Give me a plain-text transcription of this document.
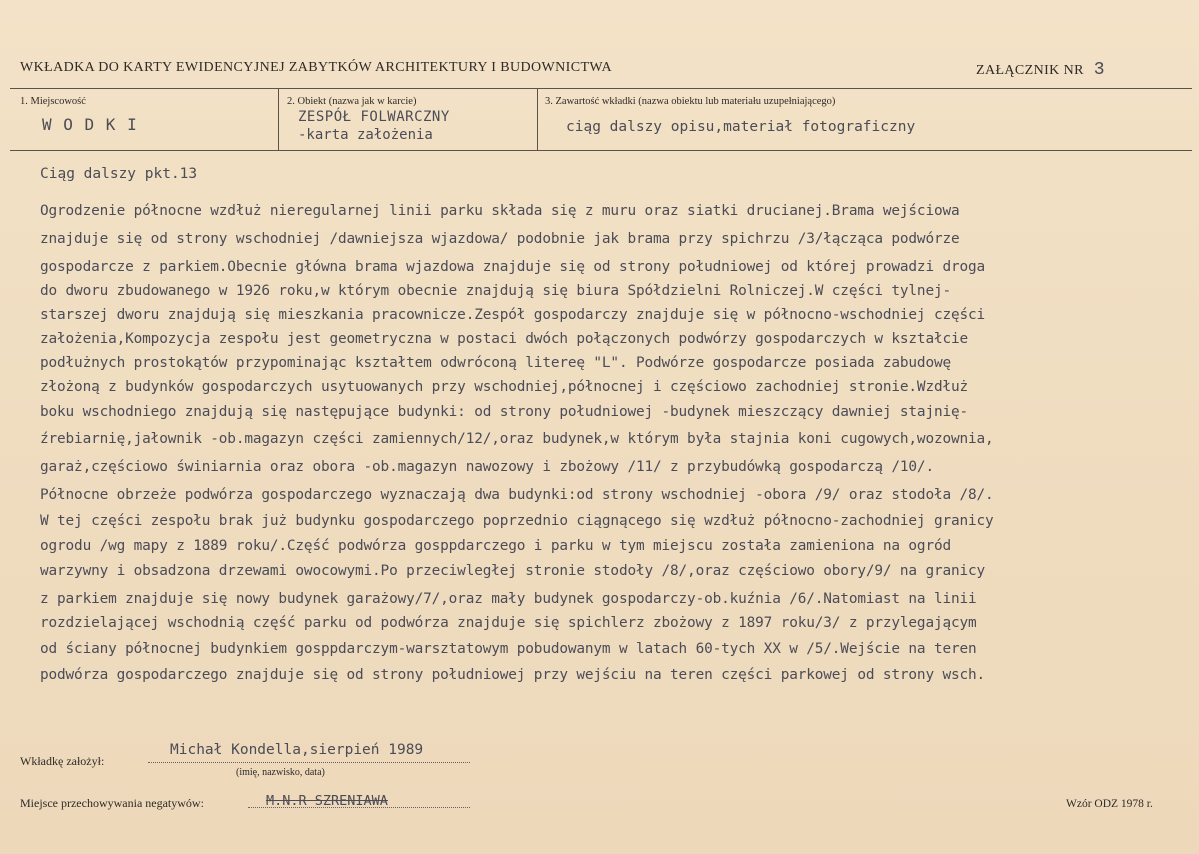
WKŁADKA DO KARTY EWIDENCYJNEJ ZABYTKÓW ARCHITEKTURY I BUDOWNICTWA	ZAŁĄCZNIK NR 3
1. Miejscowość
W O D K I
2. Obiekt (nazwa jak w karcie)
ZESPÓŁ FOLWARCZNY
-karta założenia
3. Zawartość wkładki (nazwa obiektu lub materiału uzupełniającego)
ciąg dalszy opisu,materiał fotograficzny
Ciąg dalszy pkt.13
Ogrodzenie północne wzdłuż nieregularnej linii parku składa się z muru oraz siatki drucianej.Brama wejściowa
znajduje się od strony wschodniej /dawniejsza wjazdowa/ podobnie jak brama przy spichrzu /3/łącząca podwórze
gospodarcze z parkiem.Obecnie główna brama wjazdowa znajduje się od strony południowej od której prowadzi droga
do dworu zbudowanego w 1926 roku,w którym obecnie znajdują się biura Spółdzielni Rolniczej.W części tylnej-
starszej dworu znajdują się mieszkania pracownicze.Zespół gospodarczy znajduje się w północno-wschodniej części
założenia,Kompozycja zespołu jest geometryczna w postaci dwóch połączonych podwórzy gospodarczych w kształcie
podłużnych prostokątów przypominając kształtem odwróconą litereę "L". Podwórze gospodarcze posiada zabudowę
złożoną z budynków gospodarczych usytuowanych przy wschodniej,północnej i częściowo zachodniej stronie.Wzdłuż
boku wschodniego znajdują się następujące budynki: od strony południowej -budynek mieszczący dawniej stajnię-
źrebiarnię,jałownik -ob.magazyn części zamiennych/12/,oraz budynek,w którym była stajnia koni cugowych,wozownia,
garaż,częściowo świniarnia oraz obora -ob.magazyn nawozowy i zbożowy /11/ z przybudówką gospodarczą /10/.
Północne obrzeże podwórza gospodarczego wyznaczają dwa budynki:od strony wschodniej -obora /9/ oraz stodoła /8/.
W tej części zespołu brak już budynku gospodarczego poprzednio ciągnącego się wzdłuż północno-zachodniej granicy
ogrodu /wg mapy z 1889 roku/.Część podwórza gosppdarczego i parku w tym miejscu została zamieniona na ogród
warzywny i obsadzona drzewami owocowymi.Po przeciwległej stronie stodoły /8/,oraz częściowo obory/9/ na granicy
z parkiem znajduje się nowy budynek garażowy/7/,oraz mały budynek gospodarczy-ob.kuźnia /6/.Natomiast na linii
rozdzielającej wschodnią część parku od podwórza znajduje się spichlerz zbożowy z 1897 roku/3/ z przylegającym
od ściany północnej budynkiem gosppdarczym-warsztatowym pobudowanym w latach 60-tych XX w /5/.Wejście na teren
podwórza gospodarczego znajduje się od strony południowej przy wejściu na teren części parkowej od strony wsch.
Wkładkę założył:
Michał Kondella,sierpień 1989
(imię, nazwisko, data)
Miejsce przechowywania negatywów:	M.N.R SZRENIAWA	Wzór ODZ 1978 r.
